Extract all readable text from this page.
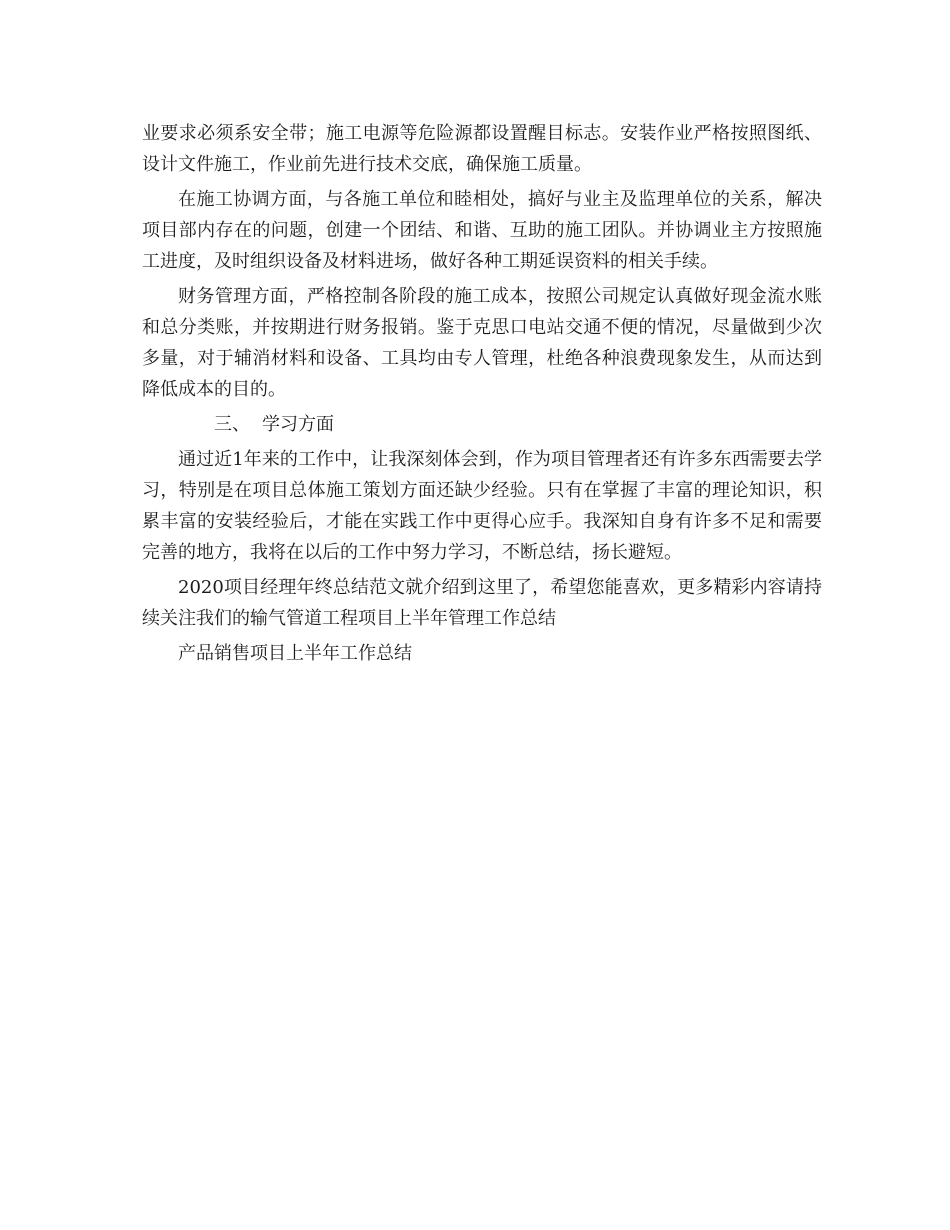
业要求必须系安全带；施工电源等危险源都设置醒目标志。安装作业严格按照图纸、设计文件施工，作业前先进行技术交底，确保施工质量。

在施工协调方面，与各施工单位和睦相处，搞好与业主及监理单位的关系，解决项目部内存在的问题，创建一个团结、和谐、互助的施工团队。并协调业主方按照施工进度，及时组织设备及材料进场，做好各种工期延误资料的相关手续。

财务管理方面，严格控制各阶段的施工成本，按照公司规定认真做好现金流水账和总分类账，并按期进行财务报销。鉴于克思口电站交通不便的情况，尽量做到少次多量，对于辅消材料和设备、工具均由专人管理，杜绝各种浪费现象发生，从而达到降低成本的目的。

三、 学习方面

通过近1年来的工作中，让我深刻体会到，作为项目管理者还有许多东西需要去学习，特别是在项目总体施工策划方面还缺少经验。只有在掌握了丰富的理论知识，积累丰富的安装经验后，才能在实践工作中更得心应手。我深知自身有许多不足和需要完善的地方，我将在以后的工作中努力学习，不断总结，扬长避短。

2020项目经理年终总结范文就介绍到这里了，希望您能喜欢，更多精彩内容请持续关注我们的输气管道工程项目上半年管理工作总结

产品销售项目上半年工作总结
